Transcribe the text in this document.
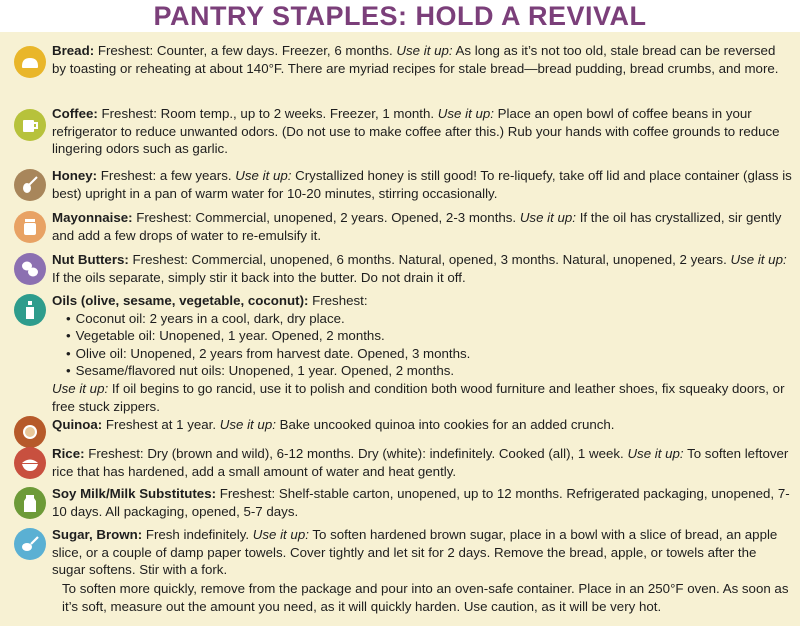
PANTRY STAPLES: HOLD A REVIVAL
Bread: Freshest: Counter, a few days. Freezer, 6 months. Use it up: As long as it’s not too old, stale bread can be reversed by toasting or reheating at about 140°F. There are myriad recipes for stale bread—bread pudding, bread crumbs, and more.
Coffee: Freshest: Room temp., up to 2 weeks. Freezer, 1 month. Use it up: Place an open bowl of coffee beans in your refrigerator to reduce unwanted odors. (Do not use to make coffee after this.) Rub your hands with coffee grounds to reduce lingering odors such as garlic.
Honey: Freshest: a few years. Use it up: Crystallized honey is still good! To re-liquefy, take off lid and place container (glass is best) upright in a pan of warm water for 10-20 minutes, stirring occasionally.
Mayonnaise: Freshest: Commercial, unopened, 2 years. Opened, 2-3 months. Use it up: If the oil has crystallized, sir gently and add a few drops of water to re-emulsify it.
Nut Butters: Freshest: Commercial, unopened, 6 months. Natural, opened, 3 months. Natural, unopened, 2 years. Use it up: If the oils separate, simply stir it back into the butter. Do not drain it off.
Oils (olive, sesame, vegetable, coconut): Freshest:
• Coconut oil: 2 years in a cool, dark, dry place.
• Vegetable oil: Unopened, 1 year. Opened, 2 months.
• Olive oil: Unopened, 2 years from harvest date. Opened, 3 months.
• Sesame/flavored nut oils: Unopened, 1 year. Opened, 2 months.
Use it up: If oil begins to go rancid, use it to polish and condition both wood furniture and leather shoes, fix squeaky doors, or free stuck zippers.
Quinoa: Freshest at 1 year. Use it up: Bake uncooked quinoa into cookies for an added crunch.
Rice: Freshest: Dry (brown and wild), 6-12 months. Dry (white): indefinitely. Cooked (all), 1 week. Use it up: To soften leftover rice that has hardened, add a small amount of water and heat gently.
Soy Milk/Milk Substitutes: Freshest: Shelf-stable carton, unopened, up to 12 months. Refrigerated packaging, unopened, 7-10 days. All packaging, opened, 5-7 days.
Sugar, Brown: Fresh indefinitely. Use it up: To soften hardened brown sugar, place in a bowl with a slice of bread, an apple slice, or a couple of damp paper towels. Cover tightly and let sit for 2 days. Remove the bread, apple, or towels after the sugar softens. Stir with a fork.
To soften more quickly, remove from the package and pour into an oven-safe container. Place in an 250°F oven. As soon as it’s soft, measure out the amount you need, as it will quickly harden. Use caution, as it will be very hot.
